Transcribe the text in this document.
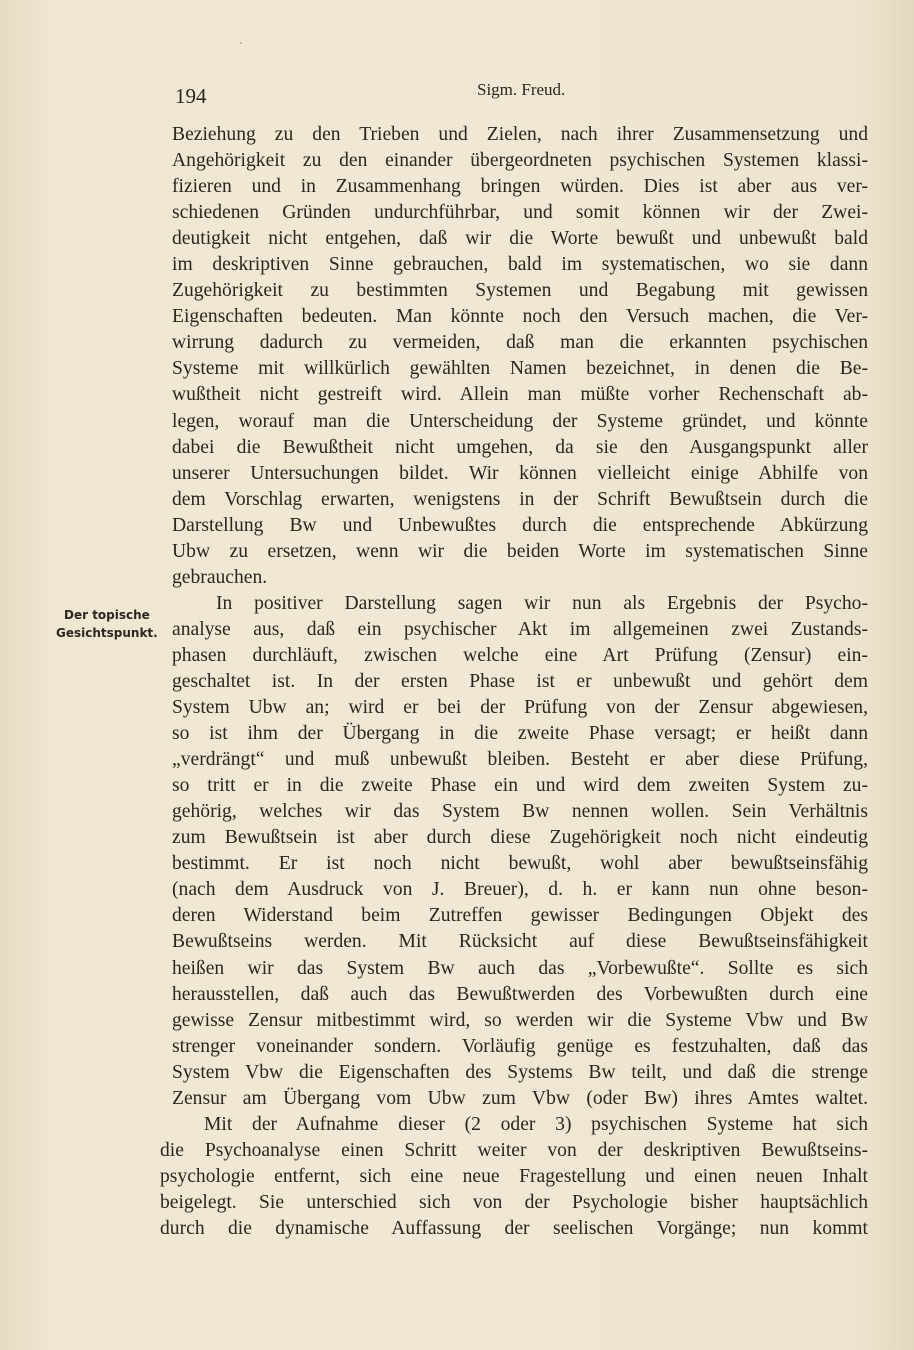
194	Sigm. Freud.
Der topische
Gesichtspunkt.
Beziehung zu den Trieben und Zielen, nach ihrer Zusammensetzung und
Angehörigkeit zu den einander übergeordneten psychischen Systemen klassi-
fizieren und in Zusammenhang bringen würden. Dies ist aber aus ver-
schiedenen Gründen undurchführbar, und somit können wir der Zwei-
deutigkeit nicht entgehen, daß wir die Worte bewußt und unbewußt bald
im deskriptiven Sinne gebrauchen, bald im systematischen, wo sie dann
Zugehörigkeit zu bestimmten Systemen und Begabung mit gewissen
Eigenschaften bedeuten. Man könnte noch den Versuch machen, die Ver-
wirrung dadurch zu vermeiden, daß man die erkannten psychischen
Systeme mit willkürlich gewählten Namen bezeichnet, in denen die Be-
wußtheit nicht gestreift wird. Allein man müßte vorher Rechenschaft ab-
legen, worauf man die Unterscheidung der Systeme gründet, und könnte
dabei die Bewußtheit nicht umgehen, da sie den Ausgangspunkt aller
unserer Untersuchungen bildet. Wir können vielleicht einige Abhilfe von
dem Vorschlag erwarten, wenigstens in der Schrift Bewußtsein durch die
Darstellung Bw und Unbewußtes durch die entsprechende Abkürzung
Ubw zu ersetzen, wenn wir die beiden Worte im systematischen Sinne
gebrauchen.
In positiver Darstellung sagen wir nun als Ergebnis der Psycho-
analyse aus, daß ein psychischer Akt im allgemeinen zwei Zustands-
phasen durchläuft, zwischen welche eine Art Prüfung (Zensur) ein-
geschaltet ist. In der ersten Phase ist er unbewußt und gehört dem
System Ubw an; wird er bei der Prüfung von der Zensur abgewiesen,
so ist ihm der Übergang in die zweite Phase versagt; er heißt dann
„verdrängt“ und muß unbewußt bleiben. Besteht er aber diese Prüfung,
so tritt er in die zweite Phase ein und wird dem zweiten System zu-
gehörig, welches wir das System Bw nennen wollen. Sein Verhältnis
zum Bewußtsein ist aber durch diese Zugehörigkeit noch nicht eindeutig
bestimmt. Er ist noch nicht bewußt, wohl aber bewußtseinsfähig
(nach dem Ausdruck von J. Breuer), d. h. er kann nun ohne beson-
deren Widerstand beim Zutreffen gewisser Bedingungen Objekt des
Bewußtseins werden. Mit Rücksicht auf diese Bewußtseinsfähigkeit
heißen wir das System Bw auch das „Vorbewußte“. Sollte es sich
herausstellen, daß auch das Bewußtwerden des Vorbewußten durch eine
gewisse Zensur mitbestimmt wird, so werden wir die Systeme Vbw und Bw
strenger voneinander sondern. Vorläufig genüge es festzuhalten, daß das
System Vbw die Eigenschaften des Systems Bw teilt, und daß die strenge
Zensur am Übergang vom Ubw zum Vbw (oder Bw) ihres Amtes waltet.
Mit der Aufnahme dieser (2 oder 3) psychischen Systeme hat sich
die Psychoanalyse einen Schritt weiter von der deskriptiven Bewußtseins-
psychologie entfernt, sich eine neue Fragestellung und einen neuen Inhalt
beigelegt. Sie unterschied sich von der Psychologie bisher hauptsächlich
durch die dynamische Auffassung der seelischen Vorgänge; nun kommt
